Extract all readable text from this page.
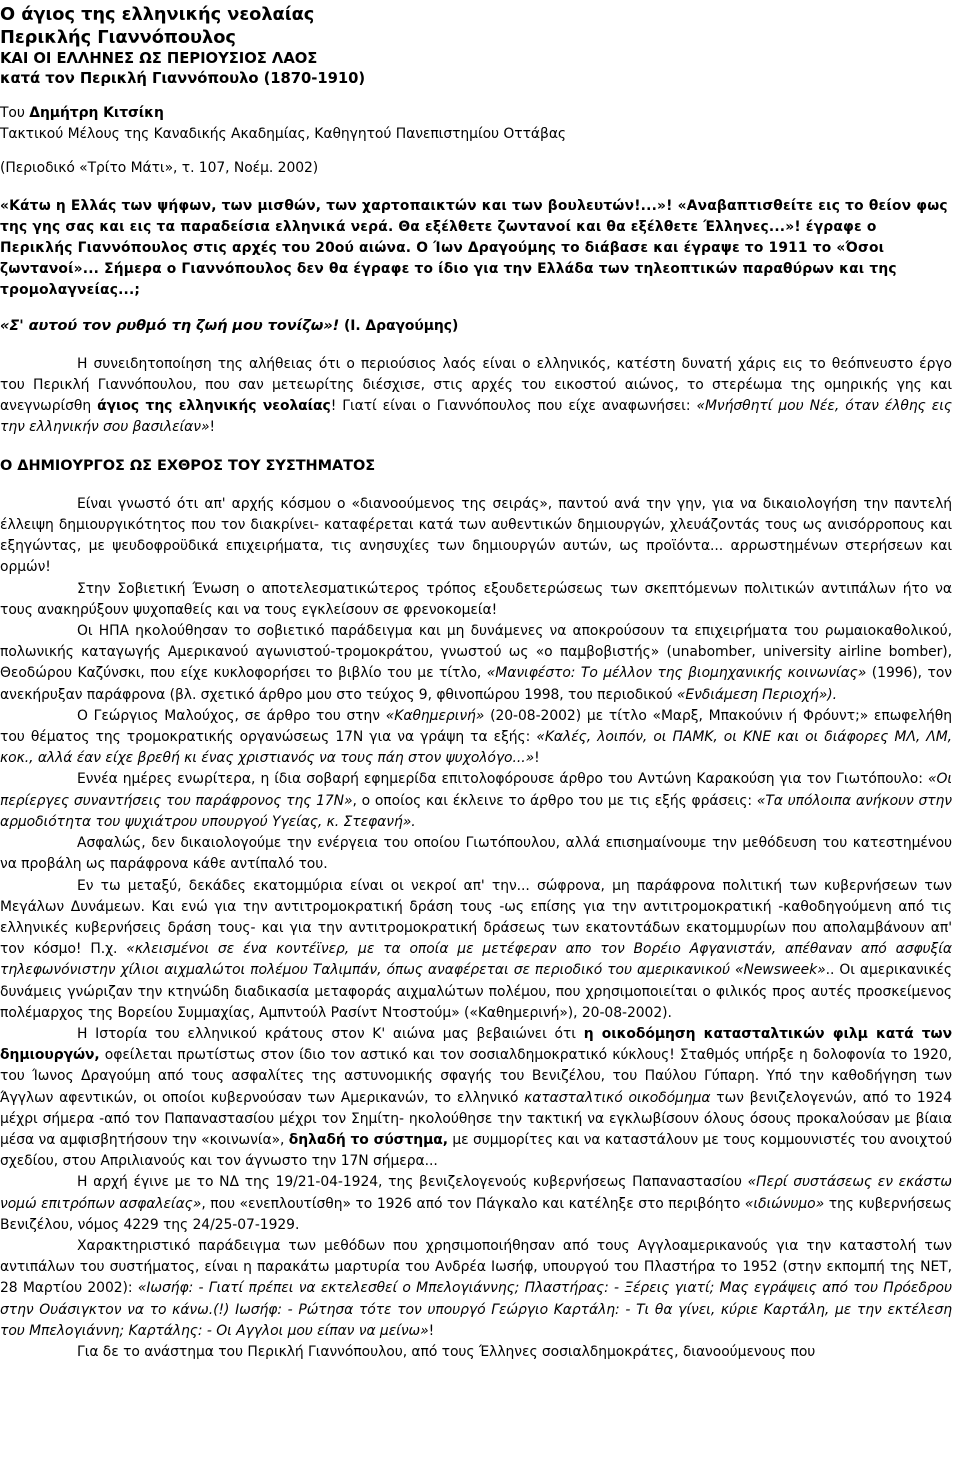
Ο άγιος της ελληνικής νεολαίας
Περικλής Γιαννόπουλος
ΚΑΙ ΟΙ ΕΛΛΗΝΕΣ ΩΣ ΠΕΡΙΟΥΣΙΟΣ ΛΑΟΣ
κατά τον Περικλή Γιαννόπουλο (1870-1910)
Του Δημήτρη Κιτσίκη
Τακτικού Μέλους της Καναδικής Ακαδημίας, Καθηγητού Πανεπιστημίου Οττάβας
(Περιοδικό «Τρίτο Μάτι», τ. 107, Νοέμ. 2002)

«Κάτω η Ελλάς των ψήφων, των μισθών, των χαρτοπαικτών και των βουλευτών!...»! «Αναβαπτισθείτε εις το θείον φως της γης σας και εις τα παραδείσια ελληνικά νερά. Θα εξέλθετε ζωντανοί και θα εξέλθετε Έλληνες...»! έγραφε ο Περικλής Γιαννόπουλος στις αρχές του 20ού αιώνα. Ο Ίων Δραγούμης το διάβασε και έγραψε το 1911 το «Όσοι ζωντανοί»... Σήμερα ο Γιαννόπουλος δεν θα έγραφε το ίδιο για την Ελλάδα των τηλεοπτικών παραθύρων και της τρομολαγνείας...;

«Σ' αυτού τον ρυθμό τη ζωή μου τονίζω»! (Ι. Δραγούμης)

Η συνειδητοποίηση της αλήθειας ότι ο περιούσιος λαός είναι ο ελληνικός, κατέστη δυνατή χάρις εις το θεόπνευστο έργο του Περικλή Γιαννόπουλου, που σαν μετεωρίτης διέσχισε, στις αρχές του εικοστού αιώνος, το στερέωμα της ομηρικής γης και ανεγνωρίσθη άγιος της ελληνικής νεολαίας! Γιατί είναι ο Γιαννόπουλος που είχε αναφωνήσει: «Μνήσθητί μου Νέε, όταν έλθης εις την ελληνικήν σου βασιλείαν»!

Ο ΔΗΜΙΟΥΡΓΟΣ ΩΣ ΕΧΘΡΟΣ ΤΟΥ ΣΥΣΤΗΜΑΤΟΣ

Είναι γνωστό ότι απ' αρχής κόσμου ο «διανοούμενος της σειράς», παντού ανά την γην, για να δικαιολογήση την παντελή έλλειψη δημιουργικότητος που τον διακρίνει- καταφέρεται κατά των αυθεντικών δημιουργών, χλευάζοντάς τους ως ανισόρροπους και εξηγώντας, με ψευδοφροϋδικά επιχειρήματα, τις ανησυχίες των δημιουργών αυτών, ως προϊόντα... αρρωστημένων στερήσεων και ορμών!

Στην Σοβιετική Ένωση ο αποτελεσματικώτερος τρόπος εξουδετερώσεως των σκεπτόμενων πολιτικών αντιπάλων ήτο να τους ανακηρύξουν ψυχοπαθείς και να τους εγκλείσουν σε φρενοκομεία!

Οι ΗΠΑ ηκολούθησαν το σοβιετικό παράδειγμα και μη δυνάμενες να αποκρούσουν τα επιχειρήματα του ρωμαιοκαθολικού, πολωνικής καταγωγής Αμερικανού αγωνιστού-τρομοκράτου, γνωστού ως «ο παμβοβιστής» (unabomber, university airline bomber), Θεοδώρου Καζύνσκι, που είχε κυκλοφορήσει το βιβλίο του με τίτλο, «Μανιφέστο: Το μέλλον της βιομηχανικής κοινωνίας» (1996), τον ανεκήρυξαν παράφρονα (βλ. σχετικό άρθρο μου στο τεύχος 9, φθινοπώρου 1998, του περιοδικού «Ενδιάμεση Περιοχή»).

Ο Γεώργιος Μαλούχος, σε άρθρο του στην «Καθημερινή» (20-08-2002) με τίτλο «Μαρξ, Μπακούνιν ή Φρόυντ;» επωφελήθη του θέματος της τρομοκρατικής οργανώσεως 17Ν για να γράψη τα εξής: «Καλές, λοιπόν, οι ΠΑΜΚ, οι ΚΝΕ και οι διάφορες ΜΛ, ΛΜ, κοκ., αλλά έαν είχε βρεθή κι ένας χριστιανός να τους πάη στον ψυχολόγο...»!

Εννέα ημέρες ενωρίτερα, η ίδια σοβαρή εφημερίδα επιτολοφόρουσε άρθρο του Αντώνη Καρακούση για τον Γιωτόπουλο: «Οι περίεργες συναντήσεις του παράφρονος της 17Ν», ο οποίος και έκλεινε το άρθρο του με τις εξής φράσεις: «Τα υπόλοιπα ανήκουν στην αρμοδιότητα του ψυχιάτρου υπουργού Υγείας, κ. Στεφανή».

Ασφαλώς, δεν δικαιολογούμε την ενέργεια του οποίου Γιωτόπουλου, αλλά επισημαίνουμε την μεθόδευση του κατεστημένου να προβάλη ως παράφρονα κάθε αντίπαλό του.

Εν τω μεταξύ, δεκάδες εκατομμύρια είναι οι νεκροί απ' την... σώφρονα, μη παράφρονα πολιτική των κυβερνήσεων των Μεγάλων Δυνάμεων. Και ενώ για την αντιτρομοκρατική δράση τους -ως επίσης για την αντιτρομοκρατική -καθοδηγούμενη από τις ελληνικές κυβερνήσεις δράση τους- και για την αντιτρομοκρατική δράσεως των εκατοντάδων εκατομμυρίων που απολαμβάνουν απ' τον κόσμο! Π.χ. «κλεισμένοι σε ένα κοντέϊνερ, με τα οποία με μετέφεραν απο τον Βορέιο Αφγανιστάν, απέθαναν από ασφυξία τηλεφωνόνιστην χίλιοι αιχμαλώτοι πολέμου Ταλιμπάν, όπως αναφέρεται σε περιοδικό του αμερικανικού «Newsweek».. Οι αμερικανικές δυνάμεις γνώριζαν την κτηνώδη διαδικασία μεταφοράς αιχμαλώτων πολέμου, που χρησιμοποιείται ο φιλικός προς αυτές προσκείμενος πολέμαρχος της Βορείου Συμμαχίας, Αμπντούλ Ρασίντ Ντοστούμ» («Καθημερινή»), 20-08-2002).

Η Ιστορία του ελληνικού κράτους στον Κ' αιώνα μας βεβαιώνει ότι η οικοδόμηση κατασταλτικών φιλμ κατά των δημιουργών, οφείλεται πρωτίστως στον ίδιο τον αστικό και τον σοσιαλδημοκρατικό κύκλους! Σταθμός υπήρξε η δολοφονία το 1920, του Ίωνος Δραγούμη από τους ασφαλίτες της αστυνομικής σφαγής του Βενιζέλου, του Παύλου Γύπαρη. Υπό την καθοδήγηση των Άγγλων αφεντικών, οι οποίοι κυβερνούσαν των Αμερικανών, το ελληνικό κατασταλτικό οικοδόμημα των βενιζελογενών, από το 1924 μέχρι σήμερα -από τον Παπαναστασίου μέχρι τον Σημίτη- ηκολούθησε την τακτική να εγκλωβίσουν όλους όσους προκαλούσαν με βίαια μέσα να αμφισβητήσουν την «κοινωνία», δηλαδή το σύστημα, με συμμορίτες και να καταστάλουν με τους κομμουνιστές του ανοιχτού σχεδίου, στου Απριλιανούς και τον άγνωστο την 17Ν σήμερα...

Η αρχή έγινε με το ΝΔ της 19/21-04-1924, της βενιζελογενούς κυβερνήσεως Παπαναστασίου «Περί συστάσεως εν εκάστω νομώ επιτρόπων ασφαλείας», που «ενεπλουτίσθη» το 1926 από τον Πάγκαλο και κατέληξε στο περιβόητο «ιδιώνυμο» της κυβερνήσεως Βενιζέλου, νόμος 4229 της 24/25-07-1929.

Χαρακτηριστικό παράδειγμα των μεθόδων που χρησιμοποιήθησαν από τους Αγγλοαμερικανούς για την καταστολή των αντιπάλων του συστήματος, είναι η παρακάτω μαρτυρία του Ανδρέα Ιωσήφ, υπουργού του Πλαστήρα το 1952 (στην εκπομπή της ΝΕΤ, 28 Μαρτίου 2002): «Ιωσήφ: - Γιατί πρέπει να εκτελεσθεί ο Μπελογιάννης; Πλαστήρας: - Ξέρεις γιατί; Μας εγράψεις από του Πρόεδρου στην Ουάσιγκτον να το κάνω.(!) Ιωσήφ: - Ρώτησα τότε τον υπουργό Γεώργιο Καρτάλη: - Τι θα γίνει, κύριε Καρτάλη, με την εκτέλεση του Μπελογιάννη; Καρτάλης: - Οι Αγγλοι μου είπαν να μείνω»!

Για δε το ανάστημα του Περικλή Γιαννόπουλου, από τους Έλληνες σοσιαλδημοκράτες, διανοούμενους που
